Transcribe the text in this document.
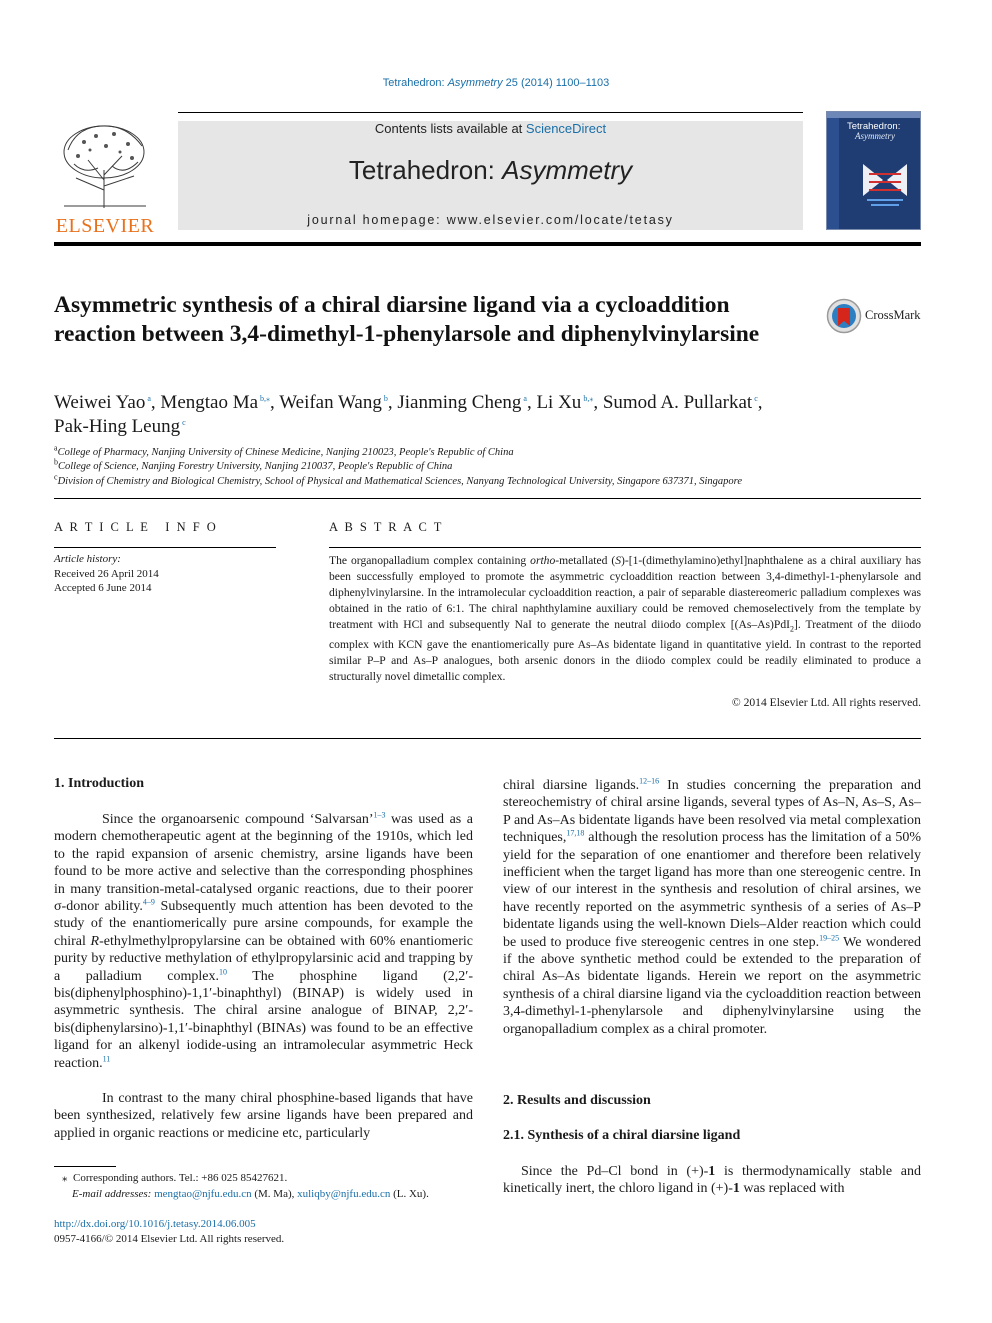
Tetrahedron: Asymmetry 25 (2014) 1100–1103
ELSEVIER
Contents lists available at ScienceDirect
Tetrahedron: Asymmetry
journal homepage: www.elsevier.com/locate/tetasy
Tetrahedron:
Asymmetry
Asymmetric synthesis of a chiral diarsine ligand via a cycloaddition reaction between 3,4-dimethyl-1-phenylarsole and diphenylvinylarsine
CrossMark
Weiwei Yao $^a$, Mengtao Ma $^{b,⁎}$, Weifan Wang $^b$, Jianming Cheng $^a$, Li Xu $^{b,⁎}$, Sumod A. Pullarkat $^c$,
Pak-Hing Leung $^c$
$^a$College of Pharmacy, Nanjing University of Chinese Medicine, Nanjing 210023, People's Republic of China
$^b$College of Science, Nanjing Forestry University, Nanjing 210037, People's Republic of China
$^c$Division of Chemistry and Biological Chemistry, School of Physical and Mathematical Sciences, Nanyang Technological University, Singapore 637371, Singapore
A R T I C L E   I N F O
Article history:
Received 26 April 2014
Accepted 6 June 2014
A B S T R A C T
The organopalladium complex containing ortho-metallated (S)-[1-(dimethylamino)ethyl]naphthalene as a chiral auxiliary has been successfully employed to promote the asymmetric cycloaddition reaction between 3,4-dimethyl-1-phenylarsole and diphenylvinylarsine. In the intramolecular cycloaddition reaction, a pair of separable diastereomeric palladium complexes was obtained in the ratio of 6:1. The chiral naphthylamine auxiliary could be removed chemoselectively from the template by treatment with HCl and subsequently NaI to generate the neutral diiodo complex [(As–As)PdI$_2$]. Treatment of the diiodo complex with KCN gave the enantiomerically pure As–As bidentate ligand in quantitative yield. In contrast to the reported similar P–P and As–P analogues, both arsenic donors in the diiodo complex could be readily eliminated to produce a structurally novel dimetallic complex.
© 2014 Elsevier Ltd. All rights reserved.
1. Introduction
Since the organoarsenic compound ‘Salvarsan’$^{1-3}$ was used as a modern chemotherapeutic agent at the beginning of the 1910s, which led to the rapid expansion of arsenic chemistry, arsine ligands have been found to be more active and selective than the corresponding phosphines in many transition-metal-catalysed organic reactions, due to their poorer σ-donor ability.$^{4-9}$ Subsequently much attention has been devoted to the study of the enantiomerically pure arsine compounds, for example the chiral R-ethylmethylpropylarsine can be obtained with 60% enantiomeric purity by reductive methylation of ethylpropylarsinic acid and trapping by a palladium complex.$^{10}$ The phosphine ligand (2,2′-bis(diphenylphosphino)-1,1′-binaphthyl) (BINAP) is widely used in asymmetric synthesis. The chiral arsine analogue of BINAP, 2,2′-bis(diphenylarsino)-1,1′-binaphthyl (BINAs) was found to be an effective ligand for an alkenyl iodide-using an intramolecular asymmetric Heck reaction.$^{11}$
In contrast to the many chiral phosphine-based ligands that have been synthesized, relatively few arsine ligands have been prepared and applied in organic reactions or medicine etc, particularly
⁎  Corresponding authors. Tel.: +86 025 85427621.
E-mail addresses: mengtao@njfu.edu.cn (M. Ma), xuliqby@njfu.edu.cn (L. Xu).
http://dx.doi.org/10.1016/j.tetasy.2014.06.005
0957-4166/© 2014 Elsevier Ltd. All rights reserved.
chiral diarsine ligands.$^{12-16}$ In studies concerning the preparation and stereochemistry of chiral arsine ligands, several types of As–N, As–S, As–P and As–As bidentate ligands have been resolved via metal complexation techniques,$^{17,18}$ although the resolution process has the limitation of a 50% yield for the separation of one enantiomer and therefore been relatively inefficient when the target ligand has more than one stereogenic centre. In view of our interest in the synthesis and resolution of chiral arsines, we have recently reported on the asymmetric synthesis of a series of As–P bidentate ligands using the well-known Diels–Alder reaction which could be used to produce five stereogenic centres in one step.$^{19-25}$ We wondered if the above synthetic method could be extended to the preparation of chiral As–As bidentate ligands. Herein we report on the asymmetric synthesis of a chiral diarsine ligand via the cycloaddition reaction between 3,4-dimethyl-1-phenylarsole and diphenylvinylarsine using the organopalladium complex as a chiral promoter.
2. Results and discussion
2.1. Synthesis of a chiral diarsine ligand
Since the Pd–Cl bond in (+)-1 is thermodynamically stable and kinetically inert, the chloro ligand in (+)-1 was replaced with
